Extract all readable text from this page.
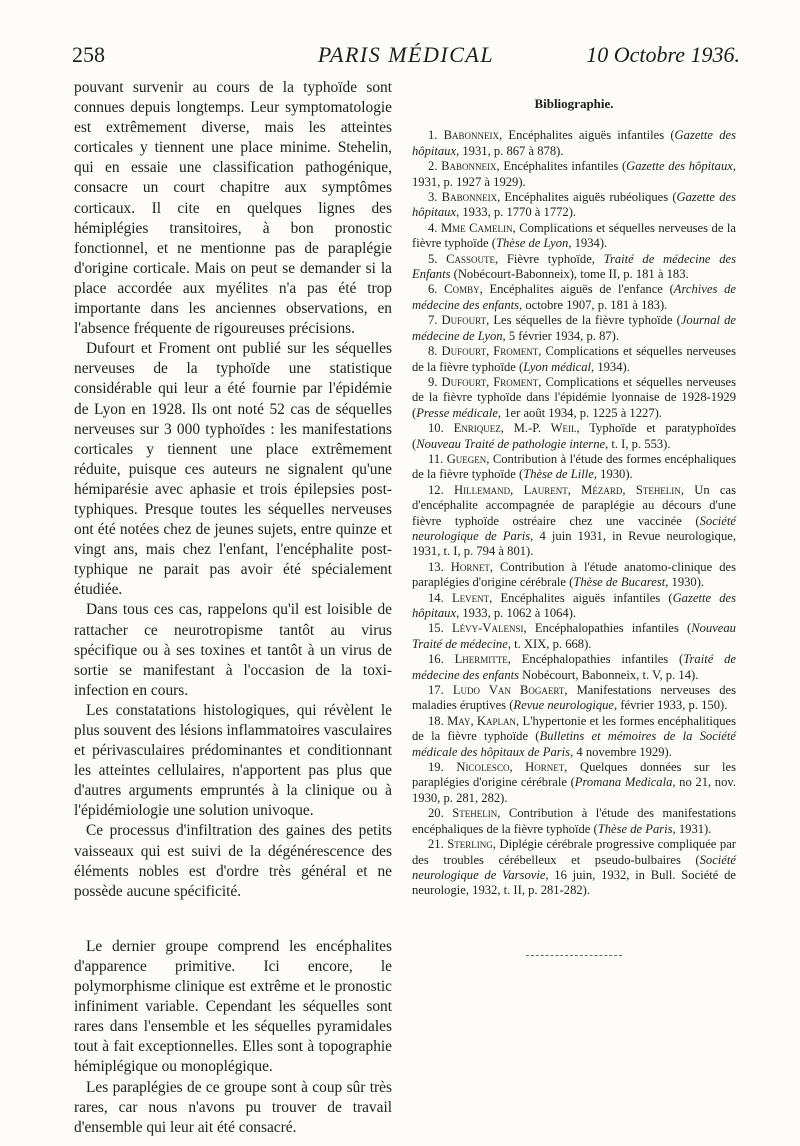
258	PARIS MÉDICAL	10 Octobre 1936.

pouvant survenir au cours de la typhoïde sont connues depuis longtemps. Leur symptomatologie est extrêmement diverse, mais les atteintes corticales y tiennent une place minime. Stehelin, qui en essaie une classification pathogénique, consacre un court chapitre aux symptômes corticaux. Il cite en quelques lignes des hémiplégies transitoires, à bon pronostic fonctionnel, et ne mentionne pas de paraplégie d'origine corticale. Mais on peut se demander si la place accordée aux myélites n'a pas été trop importante dans les anciennes observations, en l'absence fréquente de rigoureuses précisions.

Dufourt et Froment ont publié sur les séquelles nerveuses de la typhoïde une statistique considérable qui leur a été fournie par l'épidémie de Lyon en 1928. Ils ont noté 52 cas de séquelles nerveuses sur 3 000 typhoïdes : les manifestations corticales y tiennent une place extrêmement réduite, puisque ces auteurs ne signalent qu'une hémiparésie avec aphasie et trois épilepsies post-typhiques. Presque toutes les séquelles nerveuses ont été notées chez de jeunes sujets, entre quinze et vingt ans, mais chez l'enfant, l'encéphalite post-typhique ne parait pas avoir été spécialement étudiée.

Dans tous ces cas, rappelons qu'il est loisible de rattacher ce neurotropisme tantôt au virus spécifique ou à ses toxines et tantôt à un virus de sortie se manifestant à l'occasion de la toxi-infection en cours.

Les constatations histologiques, qui révèlent le plus souvent des lésions inflammatoires vasculaires et périvasculaires prédominantes et conditionnant les atteintes cellulaires, n'apportent pas plus que d'autres arguments empruntés à la clinique ou à l'épidémiologie une solution univoque.

Ce processus d'infiltration des gaines des petits vaisseaux qui est suivi de la dégénérescence des éléments nobles est d'ordre très général et ne possède aucune spécificité.

Le dernier groupe comprend les encéphalites d'apparence primitive. Ici encore, le polymorphisme clinique est extrême et le pronostic infiniment variable. Cependant les séquelles sont rares dans l'ensemble et les séquelles pyramidales tout à fait exceptionnelles. Elles sont à topographie hémiplégique ou monoplégique.

Les paraplégies de ce groupe sont à coup sûr très rares, car nous n'avons pu trouver de travail d'ensemble qui leur ait été consacré.

Bibliographie.

1. Babonneix, Encéphalites aiguës infantiles (Gazette des hôpitaux, 1931, p. 867 à 878).

2. Babonneix, Encéphalites infantiles (Gazette des hôpitaux, 1931, p. 1927 à 1929).

3. Babonneix, Encéphalites aiguës rubéoliques (Gazette des hôpitaux, 1933, p. 1770 à 1772).

4. Mme Camelin, Complications et séquelles nerveuses de la fièvre typhoïde (Thèse de Lyon, 1934).

5. Cassoute, Fièvre typhoïde, Traité de médecine des Enfants (Nobécourt-Babonneix), tome II, p. 181 à 183.

6. Comby, Encéphalites aiguës de l'enfance (Archives de médecine des enfants, octobre 1907, p. 181 à 183).

7. Dufourt, Les séquelles de la fièvre typhoïde (Journal de médecine de Lyon, 5 février 1934, p. 87).

8. Dufourt, Froment, Complications et séquelles nerveuses de la fièvre typhoïde (Lyon médical, 1934).

9. Dufourt, Froment, Complications et séquelles nerveuses de la fièvre typhoïde dans l'épidémie lyonnaise de 1928-1929 (Presse médicale, 1er août 1934, p. 1225 à 1227).

10. Enriquez, M.-P. Weil, Typhoïde et paratyphoïdes (Nouveau Traité de pathologie interne, t. I, p. 553).

11. Guegen, Contribution à l'étude des formes encéphaliques de la fièvre typhoïde (Thèse de Lille, 1930).

12. Hillemand, Laurent, Mézard, Stehelin, Un cas d'encéphalite accompagnée de paraplégie au décours d'une fièvre typhoïde ostréaire chez une vaccinée (Société neurologique de Paris, 4 juin 1931, in Revue neurologique, 1931, t. I, p. 794 à 801).

13. Hornet, Contribution à l'étude anatomo-clinique des paraplégies d'origine cérébrale (Thèse de Bucarest, 1930).

14. Levent, Encéphalites aiguës infantiles (Gazette des hôpitaux, 1933, p. 1062 à 1064).

15. Lévy-Valensi, Encéphalopathies infantiles (Nouveau Traité de médecine, t. XIX, p. 668).

16. Lhermitte, Encéphalopathies infantiles (Traité de médecine des enfants Nobécourt, Babonneix, t. V, p. 14).

17. Ludo Van Bogaert, Manifestations nerveuses des maladies éruptives (Revue neurologique, février 1933, p. 150).

18. May, Kaplan, L'hypertonie et les formes encéphalitiques de la fièvre typhoïde (Bulletins et mémoires de la Société médicale des hôpitaux de Paris, 4 novembre 1929).

19. Nicolesco, Hornet, Quelques données sur les paraplégies d'origine cérébrale (Promana Medicala, no 21, nov. 1930, p. 281, 282).

20. Stehelin, Contribution à l'étude des manifestations encéphaliques de la fièvre typhoïde (Thèse de Paris, 1931).

21. Sterling, Diplégie cérébrale progressive compliquée par des troubles cérébelleux et pseudo-bulbaires (Société neurologique de Varsovie, 16 juin, 1932, in Bull. Société de neurologie, 1932, t. II, p. 281-282).
